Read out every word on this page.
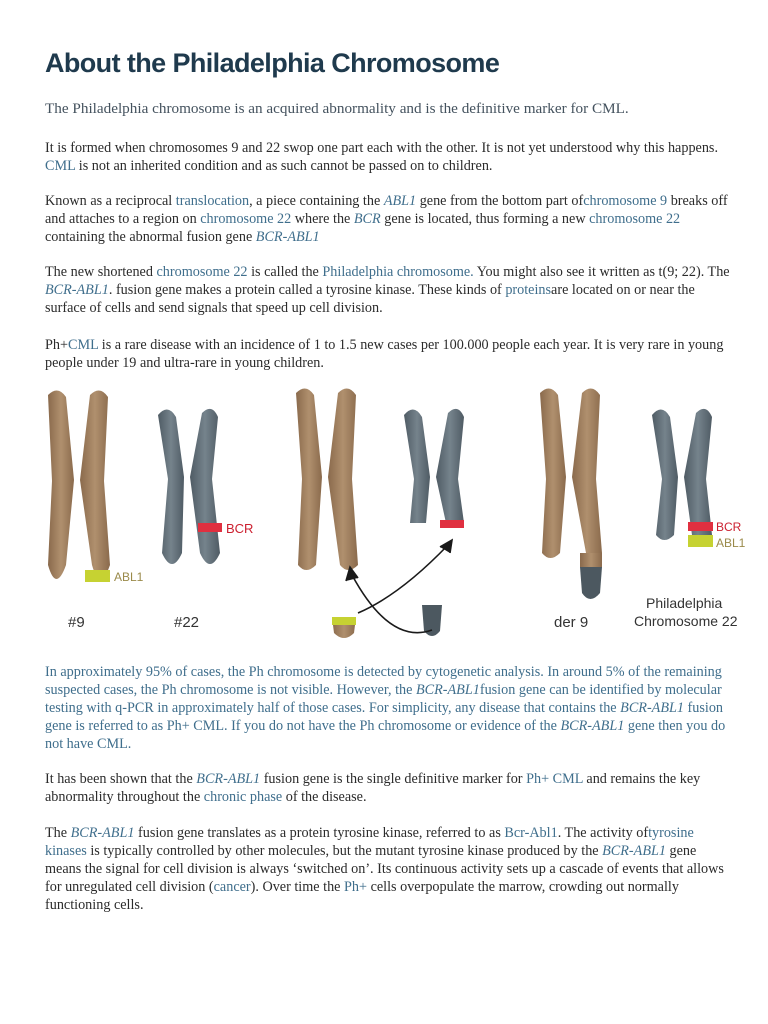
About the Philadelphia Chromosome

The Philadelphia chromosome is an acquired abnormality and is the definitive marker for CML.

It is formed when chromosomes 9 and 22 swop one part each with the other. It is not yet understood why this happens. CML is not an inherited condition and as such cannot be passed on to children.

Known as a reciprocal translocation, a piece containing the ABL1 gene from the bottom part ofchromosome 9 breaks off and attaches to a region on chromosome 22 where the BCR gene is located, thus forming a new chromosome 22 containing the abnormal fusion gene BCR-ABL1

The new shortened chromosome 22 is called the Philadelphia chromosome. You might also see it written as t(9; 22). The BCR-ABL1. fusion gene makes a protein called a tyrosine kinase. These kinds of proteinsare located on or near the surface of cells and send signals that speed up cell division.

Ph+CML is a rare disease with an incidence of 1 to 1.5 new cases per 100.000 people each year. It is very rare in young people under 19 and ultra-rare in young children.

ABL1
#9
BCR
#22	der 9
BCR
ABL1
Philadelphia
Chromosome 22

In approximately 95% of cases, the Ph chromosome is detected by cytogenetic analysis. In around 5% of the remaining suspected cases, the Ph chromosome is not visible. However, the BCR-ABL1fusion gene can be identified by molecular testing with q-PCR in approximately half of those cases. For simplicity, any disease that contains the BCR-ABL1 fusion gene is referred to as Ph+ CML. If you do not have the Ph chromosome or evidence of the BCR-ABL1 gene then you do not have CML.

It has been shown that the BCR-ABL1 fusion gene is the single definitive marker for Ph+ CML and remains the key abnormality throughout the chronic phase of the disease.

The BCR-ABL1 fusion gene translates as a protein tyrosine kinase, referred to as Bcr-Abl1. The activity oftyrosine kinases is typically controlled by other molecules, but the mutant tyrosine kinase produced by the BCR-ABL1 gene means the signal for cell division is always ‘switched on’. Its continuous activity sets up a cascade of events that allows for unregulated cell division (cancer). Over time the Ph+ cells overpopulate the marrow, crowding out normally functioning cells.
